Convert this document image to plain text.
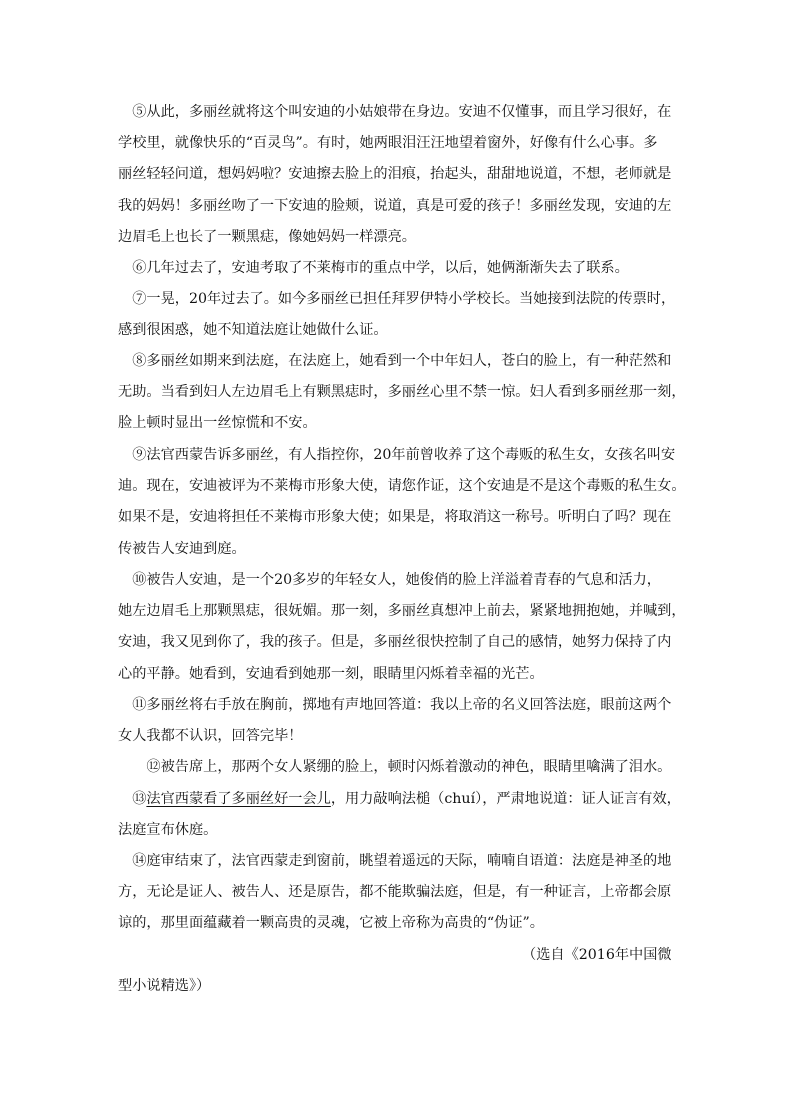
　⑤从此，多丽丝就将这个叫安迪的小姑娘带在身边。安迪不仅懂事，而且学习很好，在
学校里，就像快乐的“百灵鸟”。有时，她两眼泪汪汪地望着窗外，好像有什么心事。多
丽丝轻轻问道，想妈妈啦？安迪擦去脸上的泪痕，抬起头，甜甜地说道，不想，老师就是
我的妈妈！多丽丝吻了一下安迪的脸颊，说道，真是可爱的孩子！多丽丝发现，安迪的左
边眉毛上也长了一颗黑痣，像她妈妈一样漂亮。

　⑥几年过去了，安迪考取了不莱梅市的重点中学，以后，她俩渐渐失去了联系。

　⑦一晃，20年过去了。如今多丽丝已担任拜罗伊特小学校长。当她接到法院的传票时，
感到很困惑，她不知道法庭让她做什么证。

　⑧多丽丝如期来到法庭，在法庭上，她看到一个中年妇人，苍白的脸上，有一种茫然和
无助。当看到妇人左边眉毛上有颗黑痣时，多丽丝心里不禁一惊。妇人看到多丽丝那一刻，
脸上顿时显出一丝惊慌和不安。

　⑨法官西蒙告诉多丽丝，有人指控你，20年前曾收养了这个毒贩的私生女，女孩名叫安
迪。现在，安迪被评为不莱梅市形象大使，请您作证，这个安迪是不是这个毒贩的私生女。
如果不是，安迪将担任不莱梅市形象大使；如果是，将取消这一称号。听明白了吗？现在
传被告人安迪到庭。

　⑩被告人安迪，是一个20多岁的年轻女人，她俊俏的脸上洋溢着青春的气息和活力，
她左边眉毛上那颗黑痣，很妩媚。那一刻，多丽丝真想冲上前去，紧紧地拥抱她，并喊到，
安迪，我又见到你了，我的孩子。但是，多丽丝很快控制了自己的感情，她努力保持了内
心的平静。她看到，安迪看到她那一刻，眼睛里闪烁着幸福的光芒。

　⑪多丽丝将右手放在胸前，掷地有声地回答道：我以上帝的名义回答法庭，眼前这两个
女人我都不认识，回答完毕！

　　⑫被告席上，那两个女人紧绷的脸上，顿时闪烁着激动的神色，眼睛里噙满了泪水。

　⑬法官西蒙看了多丽丝好一会儿，用力敲响法槌（chuí），严肃地说道：证人证言有效，
法庭宣布休庭。

　⑭庭审结束了，法官西蒙走到窗前，眺望着遥远的天际，喃喃自语道：法庭是神圣的地
方，无论是证人、被告人、还是原告，都不能欺骗法庭，但是，有一种证言，上帝都会原
谅的，那里面蕴藏着一颗高贵的灵魂，它被上帝称为高贵的“伪证”。

（选自《2016年中国微
型小说精选》）
